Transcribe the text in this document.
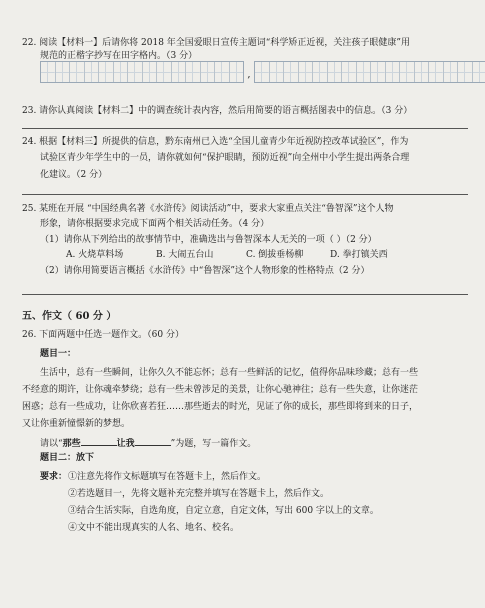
22. 阅读【材料一】后请你将 2018 年全国爱眼日宣传主题词“科学矫正近视，关注孩子眼健康”用
规范的正楷字抄写在田字格内。（3 分）
,
23. 请你认真阅读【材料二】中的调查统计表内容，然后用简要的语言概括图表中的信息。（3 分）
24. 根据【材料三】所提供的信息，黔东南州已入选“全国儿童青少年近视防控改革试验区”，作为
试验区青少年学生中的一员，请你就如何“保护眼睛，预防近视”向全州中小学生提出两条合理
化建议。（2 分）
25. 某班在开展 “中国经典名著《水浒传》阅读活动”中，要求大家重点关注“鲁智深”这个人物
形象，请你根据要求完成下面两个相关活动任务。（4 分）
（1）请你从下列给出的故事情节中，准确选出与鲁智深本人无关的一项（ ）（2 分）
A. 火烧草料场	B. 大闹五台山	C. 倒拔垂杨柳	D. 拳打镇关西
（2）请你用简要语言概括《水浒传》中“鲁智深”这个人物形象的性格特点（2 分）
五、作文（ 60 分 ）
26. 下面两题中任选一题作文。（60 分）
题目一：
生活中，总有一些瞬间，让你久久不能忘怀；总有一些鲜活的记忆，值得你品味珍藏；总有一些
不经意的期许，让你魂牵梦绕；总有一些未曾涉足的美景，让你心驰神往；总有一些失意，让你迷茫
困惑；总有一些成功，让你欣喜若狂……那些逝去的时光，见证了你的成长，那些即将到来的日子，
又让你重新憧憬新的梦想。
请以“那些	让我	”为题，写一篇作文。
题目二：放下
要求： ①注意先将作文标题填写在答题卡上，然后作文。
②若选题目一，先将文题补充完整并填写在答题卡上，然后作文。
③结合生活实际，自选角度，自定立意，自定文体，写出 600 字以上的文章。
④文中不能出现真实的人名、地名、校名。
